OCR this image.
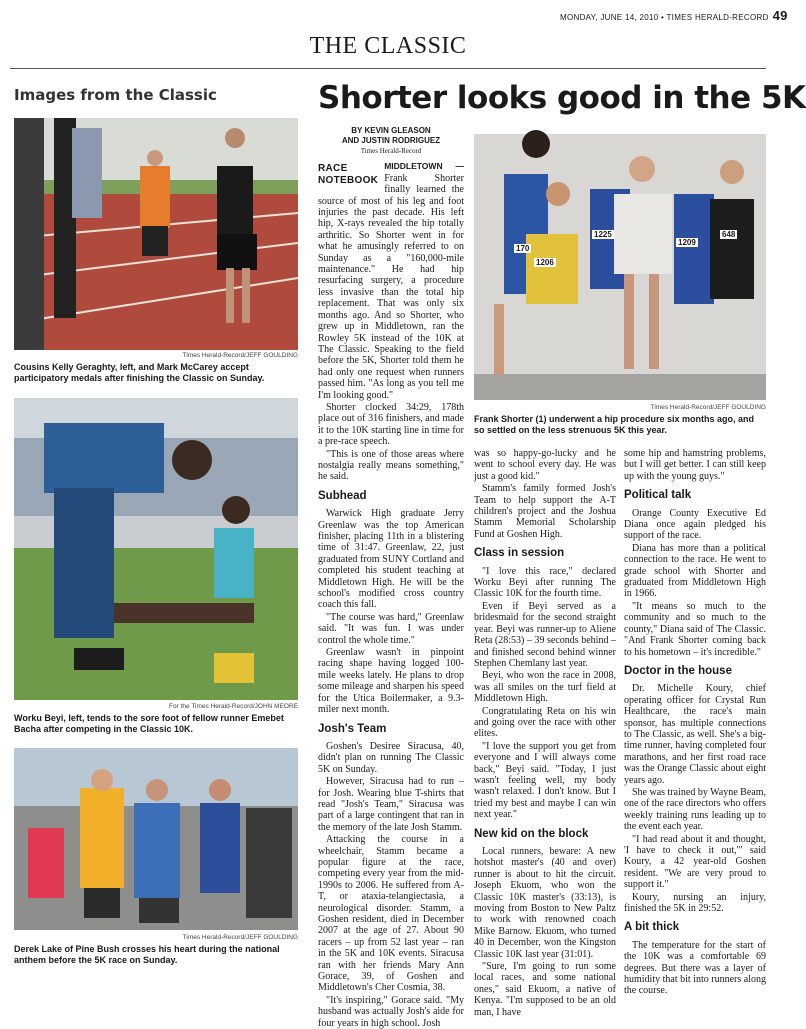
MONDAY, JUNE 14, 2010 • TIMES HERALD-RECORD 49
THE CLASSIC
Images from the Classic	Shorter looks good in the 5K
Times Herald-Record/JEFF GOULDING
Cousins Kelly Geraghty, left, and Mark McCarey accept participatory medals after finishing the Classic on Sunday.
For the Times Herald-Record/JOHN MEORE
Worku Beyi, left, tends to the sore foot of fellow runner Emebet Bacha after competing in the Classic 10K.
Times Herald-Record/JEFF GOULDING
Derek Lake of Pine Bush crosses his heart during the national anthem before the 5K race on Sunday.
170
1206
1225
1209
648
Times Herald-Record/JEFF GOULDING
Frank Shorter (1) underwent a hip procedure six months ago, and so settled on the less strenuous 5K this year.
BY KEVIN GLEASON
AND JUSTIN RODRIGUEZ
Times Herald-Record

RACE
NOTEBOOK
MIDDLETOWN — Frank Shorter finally learned the source of most of his leg and foot injuries the past decade. His left hip, X-rays revealed the hip totally arthritic. So Shorter went in for what he amusingly referred to on Sunday as a "160,000-mile maintenance." He had hip resurfacing surgery, a procedure less invasive than the total hip replacement. That was only six months ago. And so Shorter, who grew up in Middletown, ran the Rowley 5K instead of the 10K at The Classic. Speaking to the field before the 5K, Shorter told them he had only one request when runners passed him. "As long as you tell me I'm looking good."

Shorter clocked 34:29, 178th place out of 316 finishers, and made it to the 10K starting line in time for a pre-race speech.

"This is one of those areas where nostalgia really means something," he said.

Subhead

Warwick High graduate Jerry Greenlaw was the top American finisher, placing 11th in a blistering time of 31:47. Greenlaw, 22, just graduated from SUNY Cortland and completed his student teaching at Middletown High. He will be the school's modified cross country coach this fall.

"The course was hard," Greenlaw said. "It was fun. I was under control the whole time."

Greenlaw wasn't in pinpoint racing shape having logged 100-mile weeks lately. He plans to drop some mileage and sharpen his speed for the Utica Boilermaker, a 9.3-miler next month.

Josh's Team

Goshen's Desiree Siracusa, 40, didn't plan on running The Classic 5K on Sunday.

However, Siracusa had to run – for Josh. Wearing blue T-shirts that read "Josh's Team," Siracusa was part of a large contingent that ran in the memory of the late Josh Stamm.

Attacking the course in a wheelchair, Stamm became a popular figure at the race, competing every year from the mid-1990s to 2006. He suffered from A-T, or ataxia-telangiectasia, a neurological disorder. Stamm, a Goshen resident, died in December 2007 at the age of 27. About 90 racers – up from 52 last year – ran in the 5K and 10K events. Siracusa ran with her friends Mary Ann Gorace, 39, of Goshen and Middletown's Cher Cosmia, 38.

"It's inspiring," Gorace said. "My husband was actually Josh's aide for four years in high school. Josh

was so happy-go-lucky and he went to school every day. He was just a good kid."

Stamm's family formed Josh's Team to help support the A-T children's project and the Joshua Stamm Memorial Scholarship Fund at Goshen High.

Class in session

"I love this race," declared Worku Beyi after running The Classic 10K for the fourth time.

Even if Beyi served as a bridesmaid for the second straight year. Beyi was runner-up to Aliene Reta (28:53) – 39 seconds behind – and finished second behind winner Stephen Chemlany last year.

Beyi, who won the race in 2008, was all smiles on the turf field at Middletown High.

Congratulating Reta on his win and going over the race with other elites.

"I love the support you get from everyone and I will always come back," Beyi said. "Today, I just wasn't feeling well, my body wasn't relaxed. I don't know. But I tried my best and maybe I can win next year."

New kid on the block

Local runners, beware: A new hotshot master's (40 and over) runner is about to hit the circuit. Joseph Ekuom, who won the Classic 10K master's (33:13), is moving from Boston to New Paltz to work with renowned coach Mike Barnow. Ekuom, who turned 40 in December, won the Kingston Classic 10K last year (31:01).

"Sure, I'm going to run some local races, and some national ones," said Ekuom, a native of Kenya. "I'm supposed to be an old man, I have

some hip and hamstring problems, but I will get better. I can still keep up with the young guys."

Political talk

Orange County Executive Ed Diana once again pledged his support of the race.

Diana has more than a political connection to the race. He went to grade school with Shorter and graduated from Middletown High in 1966.

"It means so much to the community and so much to the county," Diana said of The Classic. "And Frank Shorter coming back to his hometown – it's incredible."

Doctor in the house

Dr. Michelle Koury, chief operating officer for Crystal Run Healthcare, the race's main sponsor, has multiple connections to The Classic, as well. She's a big-time runner, having completed four marathons, and her first road race was the Orange Classic about eight years ago.

She was trained by Wayne Beam, one of the race directors who offers weekly training runs leading up to the event each year.

"I had read about it and thought, 'I have to check it out,'" said Koury, a 42 year-old Goshen resident. "We are very proud to support it."

Koury, nursing an injury, finished the 5K in 29:52.

A bit thick

The temperature for the start of the 10K was a comfortable 69 degrees. But there was a layer of humidity that bit into runners along the course.
